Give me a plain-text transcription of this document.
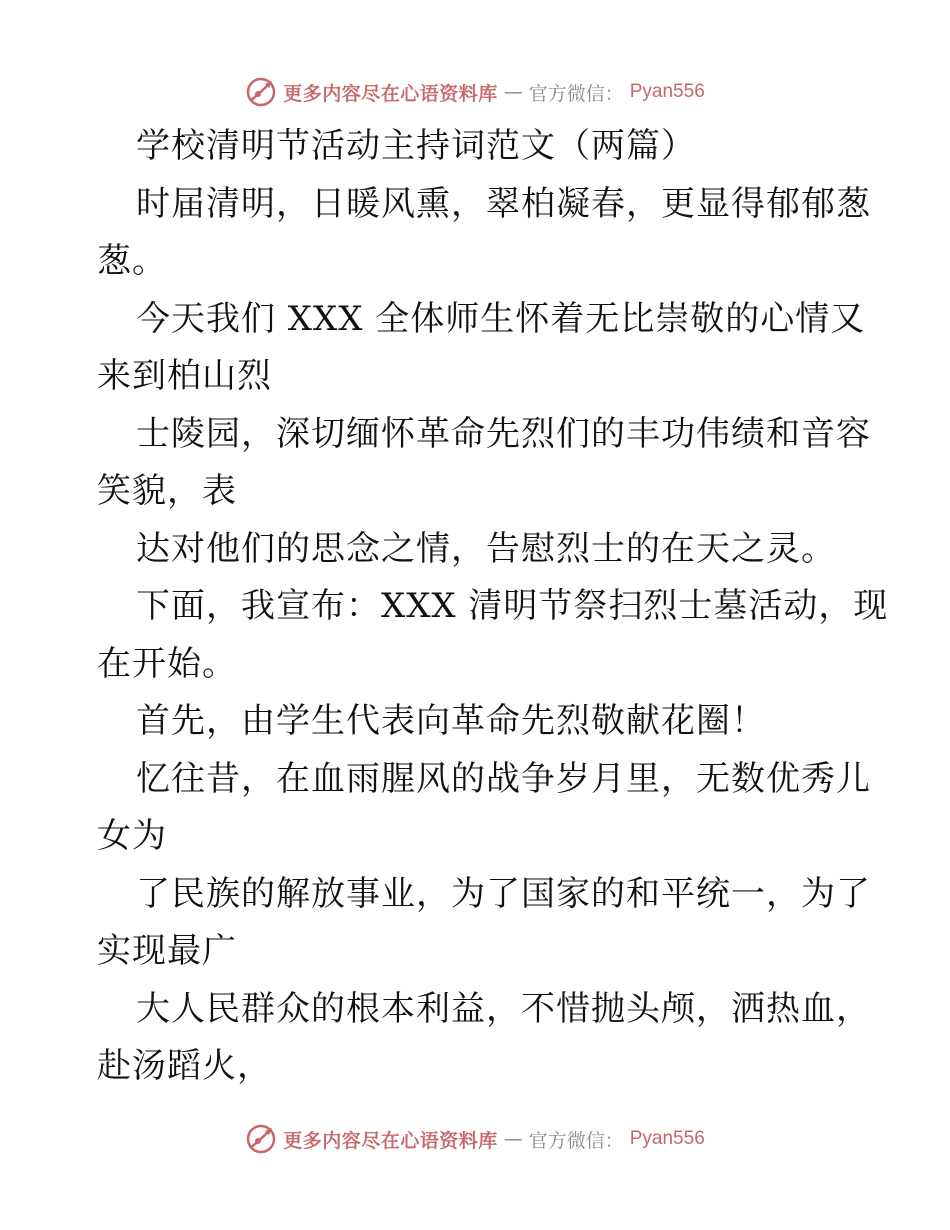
更多内容尽在心语资料库 — 官方微信： Pyan556
学校清明节活动主持词范文（两篇）
时届清明，日暖风熏，翠柏凝春，更显得郁郁葱
葱。
今天我们 XXX 全体师生怀着无比崇敬的心情又
来到柏山烈
士陵园，深切缅怀革命先烈们的丰功伟绩和音容
笑貌，表
达对他们的思念之情，告慰烈士的在天之灵。
下面，我宣布：XXX 清明节祭扫烈士墓活动，现
在开始。
首先，由学生代表向革命先烈敬献花圈！
忆往昔，在血雨腥风的战争岁月里，无数优秀儿
女为
了民族的解放事业，为了国家的和平统一，为了
实现最广
大人民群众的根本利益，不惜抛头颅，洒热血，
赴汤蹈火，
更多内容尽在心语资料库 — 官方微信： Pyan556
